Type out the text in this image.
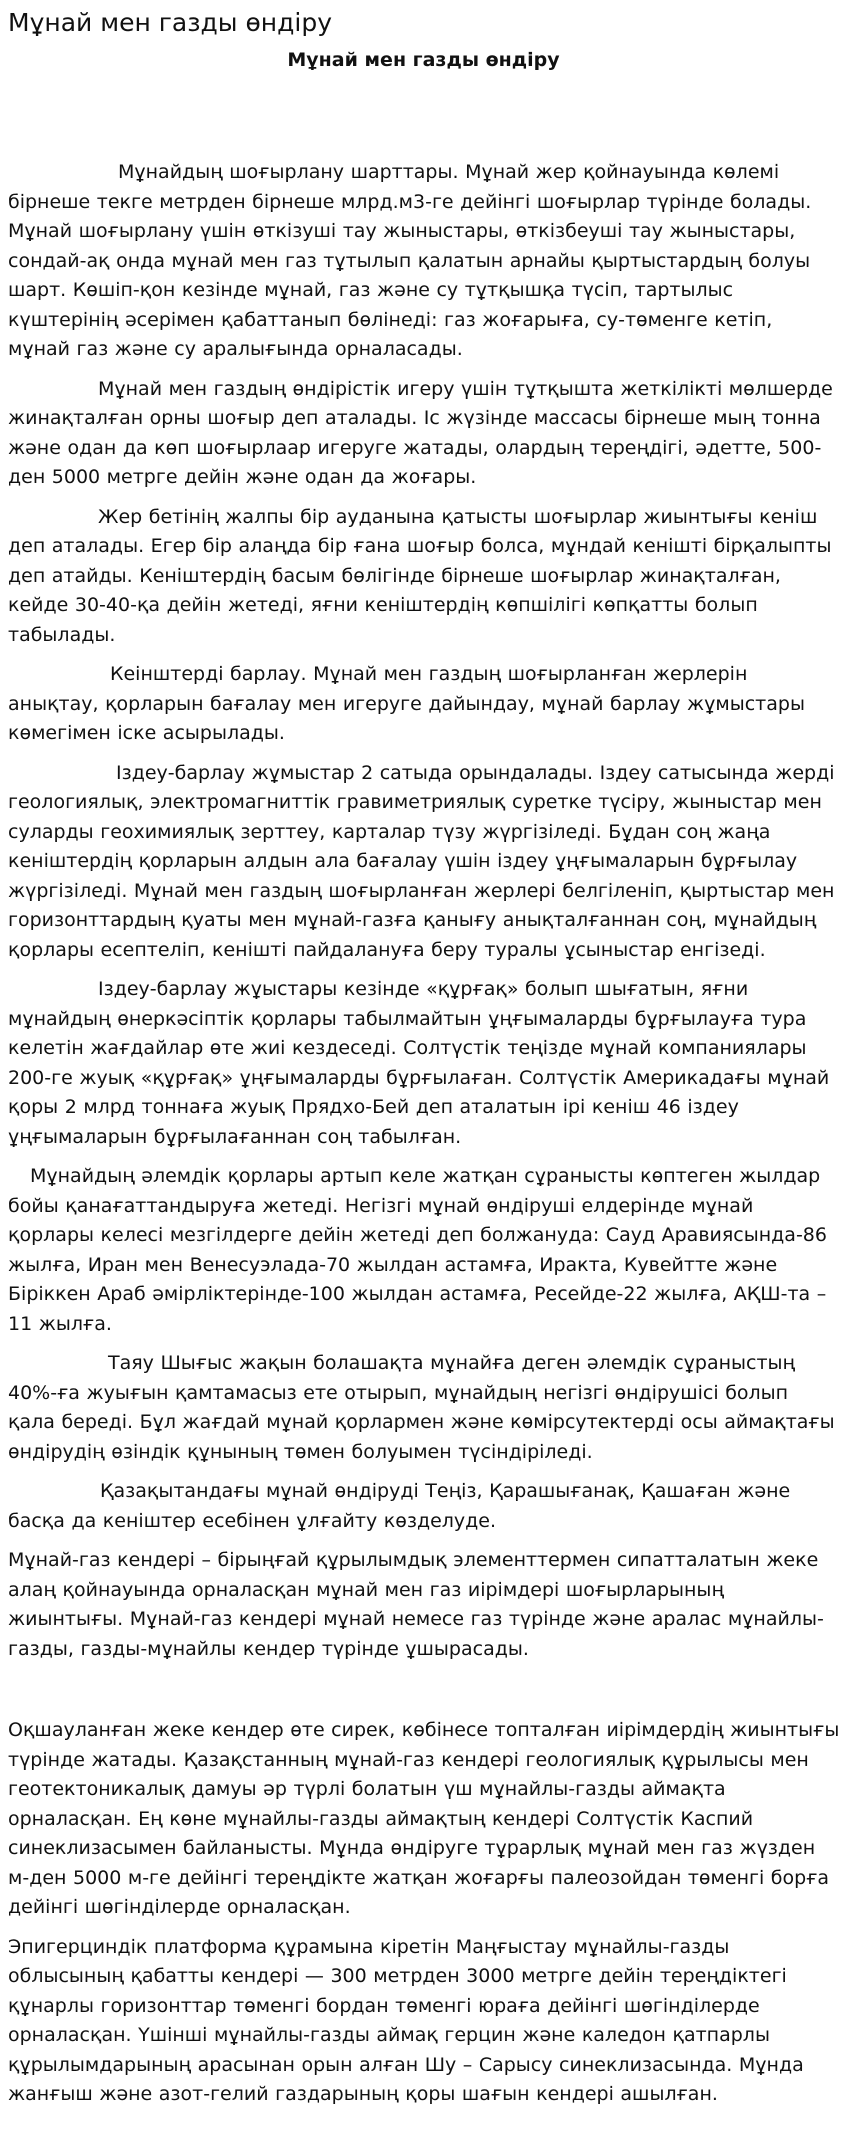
Мұнай мен газды өндіру
Мұнай мен газды өндіру

Мұнайдың шоғырлану шарттары. Мұнай жер қойнауында көлемі бірнеше текге метрден бірнеше млрд.м3-ге дейінгі шоғырлар түрінде болады. Мұнай шоғырлану үшін өткізуші тау жыныстары, өткізбеуші тау жыныстары, сондай-ақ онда мұнай мен газ тұтылып қалатын арнайы қыртыстардың болуы шарт. Көшіп-қон кезінде мұнай, газ және су тұтқышқа түсіп, тартылыс күштерінің әсерімен қабаттанып бөлінеді: газ жоғарыға, су-төменге кетіп, мұнай газ және су аралығында орналасады.

Мұнай мен газдың өндірістік игеру үшін тұтқышта жеткілікті мөлшерде жинақталған орны шоғыр деп аталады. Іс жүзінде массасы бірнеше мың тонна және одан да көп шоғырлаар игеруге жатады, олардың тереңдігі, әдетте, 500-ден 5000 метрге дейін және одан да жоғары.

Жер бетінің жалпы бір ауданына қатысты шоғырлар жиынтығы кеніш деп аталады. Егер бір алаңда бір ғана шоғыр болса, мұндай кеніштi бірқалыпты деп атайды. Кеніштердің басым бөлігінде бірнеше шоғырлар жинақталған, кейде 30-40-қа дейін жетеді, яғни кеніштердің көпшілігі көпқатты болып табылады.

Кеінштерді барлау. Мұнай мен газдың шоғырланған жерлерін анықтау, қорларын бағалау мен игеруге дайындау, мұнай барлау жұмыстары көмегімен іске асырылады.

Іздеу-барлау жұмыстар 2 сатыда орындалады. Іздеу сатысында жерді геологиялық, электромагниттік гравиметриялық суретке түсіру, жыныстар мен суларды геохимиялық зерттеу, карталар түзу жүргізіледі. Бұдан соң жаңа кеніштердің қорларын алдын ала бағалау үшін іздеу ұңғымаларын бұрғылау жүргізіледі. Мұнай мен газдың шоғырланған жерлері белгіленіп, қыртыстар мен горизонттардың қуаты мен мұнай-газға қанығу анықталғаннан соң, мұнайдың қорлары есептеліп, кеніштi пайдалануға беру туралы ұсыныстар енгізеді.

Іздеу-барлау жұыстары кезінде «құрғақ» болып шығатын, яғни мұнайдың өнеркәсіптік қорлары табылмайтын ұңғымаларды бұрғылауға тура келетін жағдайлар өте жиі кездеседі. Солтүстік теңізде мұнай компаниялары 200-ге жуық «құрғақ» ұңғымаларды бұрғылаған. Солтүстік Америкадағы мұнай қоры 2 млрд тоннаға жуық Прядхо-Бей деп аталатын ірі кеніш 46 іздеу ұңғымаларын бұрғылағаннан соң табылған.

Мұнайдың әлемдік қорлары артып келе жатқан сұранысты көптеген жылдар бойы қанағаттандыруға жетеді. Негізгі мұнай өндіруші елдерінде мұнай қорлары келесі мезгілдерге дейін жетеді деп болжануда: Сауд Аравиясында-86 жылға, Иран мен Венесуэлада-70 жылдан астамға, Иракта, Кувейтте және Біріккен Араб әмірліктерінде-100 жылдан астамға, Ресейде-22 жылға, АҚШ-та – 11 жылға.

Таяу Шығыс жақын болашақта мұнайға деген әлемдік сұраныстың 40%-ға жуығын қамтамасыз ете отырып, мұнайдың негізгі өндірушісі болып қала береді. Бұл жағдай мұнай қорлармен және көмірсутектерді осы аймақтағы өндірудің өзіндік құнының төмен болуымен түсіндіріледі.

Қазақытандағы мұнай өндіруді Теңіз, Қарашығанақ, Қашаған және басқа да кеніштер есебінен ұлғайту көзделуде.

Мұнай-газ кендері – бірыңғай құрылымдық элементтермен сипатталатын жеке алаң қойнауында орналасқан мұнай мен газ иірімдері шоғырларының жиынтығы. Мұнай-газ кендері мұнай немесе газ түрінде және аралас мұнайлы-газды, газды-мұнайлы кендер түрінде ұшырасады.

Оқшауланған жеке кендер өте сирек, көбінесе топталған иірімдердің жиынтығы түрінде жатады. Қазақстанның мұнай-газ кендері геологиялық құрылысы мен геотектоникалық дамуы әр түрлі болатын үш мұнайлы-газды аймақта орналасқан. Ең көне мұнайлы-газды аймақтың кендері Солтүстік Каспий синеклизасымен байланысты. Мұнда өндіруге тұрарлық мұнай мен газ жүзден м-ден 5000 м-ге дейінгі тереңдікте жатқан жоғарғы палеозойдан төменгі борға дейінгі шөгінділерде орналасқан.

Эпигерциндік платформа құрамына кіретін Маңғыстау мұнайлы-газды облысының қабатты кендері — 300 метрден 3000 метрге дейін тереңдіктегі құнарлы горизонттар төменгі бордан төменгі юраға дейінгі шөгінділерде орналасқан. Үшінші мұнайлы-газды аймақ герцин және каледон қатпарлы құрылымдарының арасынан орын алған Шу – Сарысу синеклизасында. Мұнда жанғыш және азот-гелий газдарының қоры шағын кендері ашылған.
